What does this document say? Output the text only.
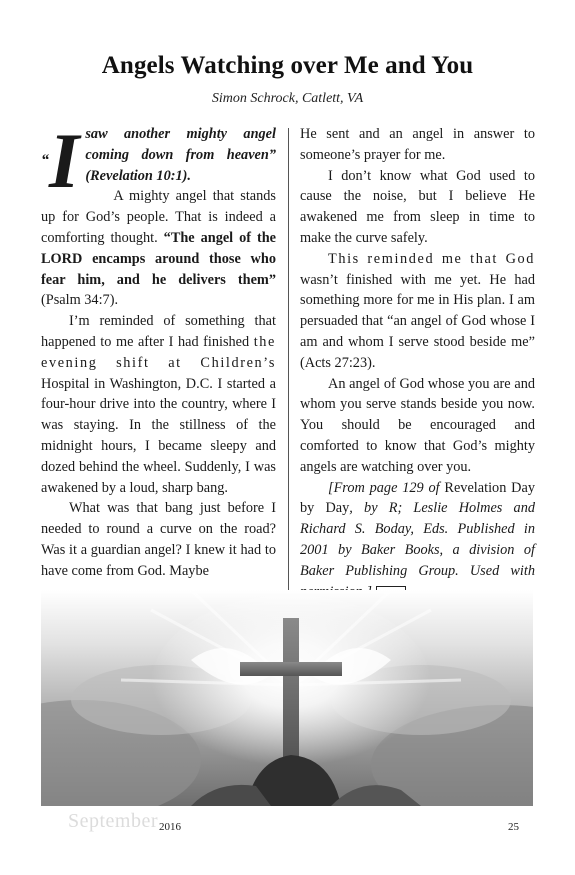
Angels Watching over Me and You
Simon Schrock, Catlett, VA

“I saw another mighty angel coming down from heaven” (Revelation 10:1).

A mighty angel that stands up for God’s people. That is indeed a comforting thought. “The angel of the LORD encamps around those who fear him, and he delivers them” (Psalm 34:7).

I’m reminded of something that happened to me after I had finished the evening shift at Children’s Hospital in Washington, D.C. I started a four-hour drive into the country, where I was staying. In the stillness of the midnight hours, I became sleepy and dozed behind the wheel. Suddenly, I was awakened by a loud, sharp bang.

What was that bang just before I needed to round a curve on the road? Was it a guardian angel? I knew it had to have come from God. Maybe

He sent and an angel in answer to someone’s prayer for me.

I don’t know what God used to cause the noise, but I believe He awakened me from sleep in time to make the curve safely.

This reminded me that God wasn’t finished with me yet. He had something more for me in His plan. I am persuaded that “an angel of God whose I am and whom I serve stood beside me” (Acts 27:23).

An angel of God whose you are and whom you serve stands beside you now. You should be encouraged and comforted to know that God’s mighty angels are watching over you.

[From page 129 of Revelation Day by Day, by R; Leslie Holmes and Richard S. Boday, Eds. Published in 2001 by Baker Books, a division of Baker Publishing Group. Used with

September 2016	25
